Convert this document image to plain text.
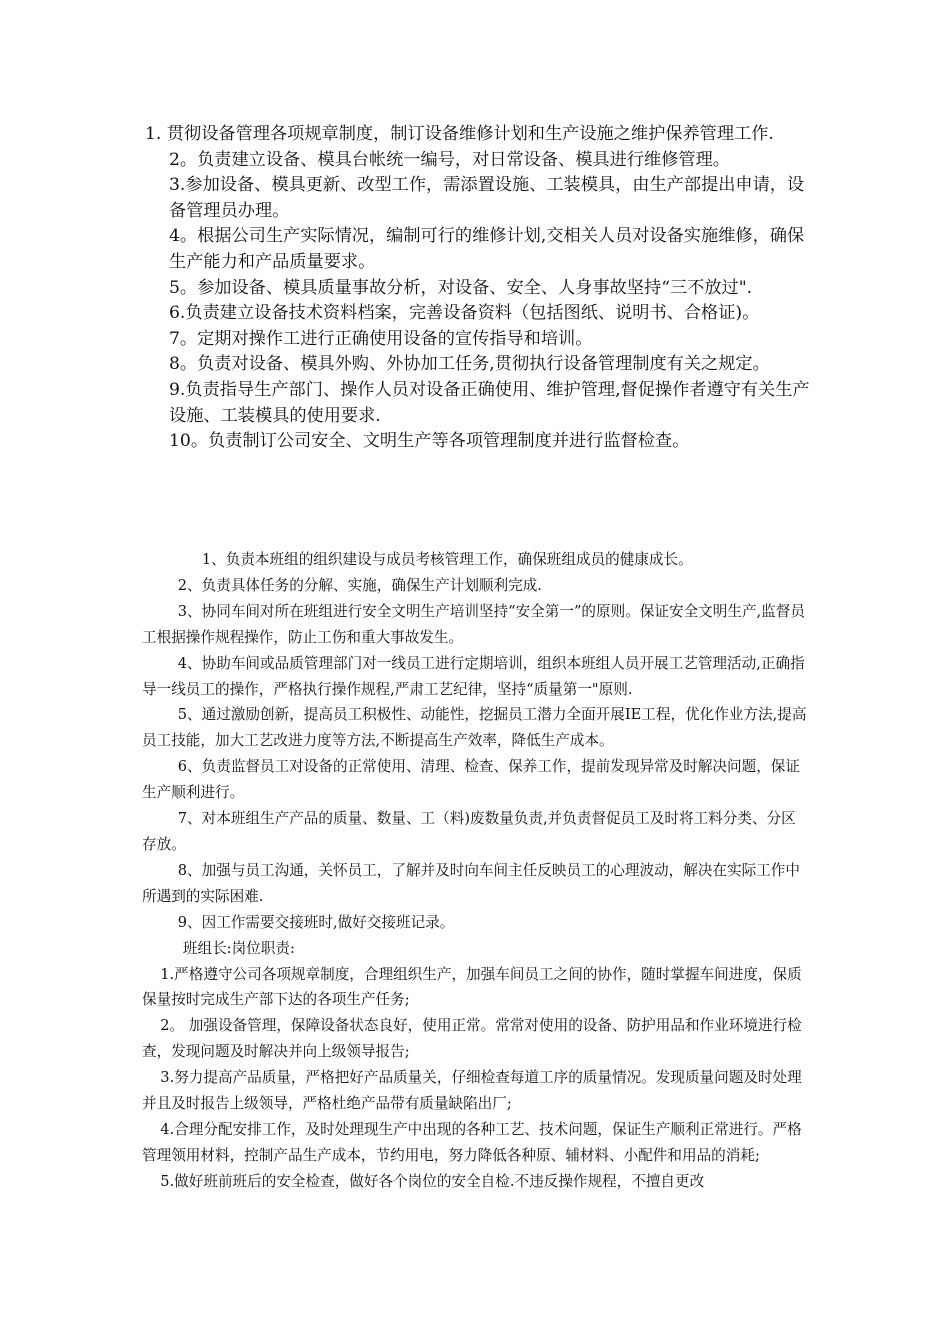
1. 贯彻设备管理各项规章制度，制订设备维修计划和生产设施之维护保养管理工作.

2。负责建立设备、模具台帐统一编号，对日常设备、模具进行维修管理。

3.参加设备、模具更新、改型工作，需添置设施、工装模具，由生产部提出申请，设备管理员办理。

4。根据公司生产实际情况，编制可行的维修计划,交相关人员对设备实施维修，确保生产能力和产品质量要求。

5。参加设备、模具质量事故分析，对设备、安全、人身事故坚持“三不放过".

6.负责建立设备技术资料档案，完善设备资料（包括图纸、说明书、合格证)。

7。定期对操作工进行正确使用设备的宣传指导和培训。

8。负责对设备、模具外购、外协加工任务,贯彻执行设备管理制度有关之规定。

9.负责指导生产部门、操作人员对设备正确使用、维护管理,督促操作者遵守有关生产设施、工装模具的使用要求.

10。负责制订公司安全、文明生产等各项管理制度并进行监督检查。

1、负责本班组的组织建设与成员考核管理工作，确保班组成员的健康成长。

2、负责具体任务的分解、实施，确保生产计划顺利完成.

3、协同车间对所在班组进行安全文明生产培训坚持“安全第一”的原则。保证安全文明生产,监督员工根据操作规程操作，防止工伤和重大事故发生。

4、协助车间或品质管理部门对一线员工进行定期培训，组织本班组人员开展工艺管理活动,正确指导一线员工的操作，严格执行操作规程,严肃工艺纪律，坚持“质量第一"原则.

5、通过激励创新，提高员工积极性、动能性，挖掘员工潜力全面开展IE工程，优化作业方法,提高员工技能，加大工艺改进力度等方法,不断提高生产效率，降低生产成本。

6、负责监督员工对设备的正常使用、清理、检查、保养工作，提前发现异常及时解决问题，保证生产顺利进行。

7、对本班组生产产品的质量、数量、工（料)废数量负责,并负责督促员工及时将工料分类、分区存放。

8、加强与员工沟通，关怀员工，了解并及时向车间主任反映员工的心理波动，解决在实际工作中所遇到的实际困难.

9、因工作需要交接班时,做好交接班记录。

班组长:岗位职责:

1.严格遵守公司各项规章制度，合理组织生产，加强车间员工之间的协作，随时掌握车间进度，保质保量按时完成生产部下达的各项生产任务;

2。 加强设备管理，保障设备状态良好，使用正常。常常对使用的设备、防护用品和作业环境进行检查，发现问题及时解决并向上级领导报告;

3.努力提高产品质量，严格把好产品质量关，仔细检查每道工序的质量情况。发现质量问题及时处理并且及时报告上级领导，严格杜绝产品带有质量缺陷出厂;

4.合理分配安排工作，及时处理现生产中出现的各种工艺、技术问题，保证生产顺利正常进行。严格管理领用材料，控制产品生产成本，节约用电，努力降低各种原、辅材料、小配件和用品的消耗;

5.做好班前班后的安全检查，做好各个岗位的安全自检.不违反操作规程，不擅自更改
